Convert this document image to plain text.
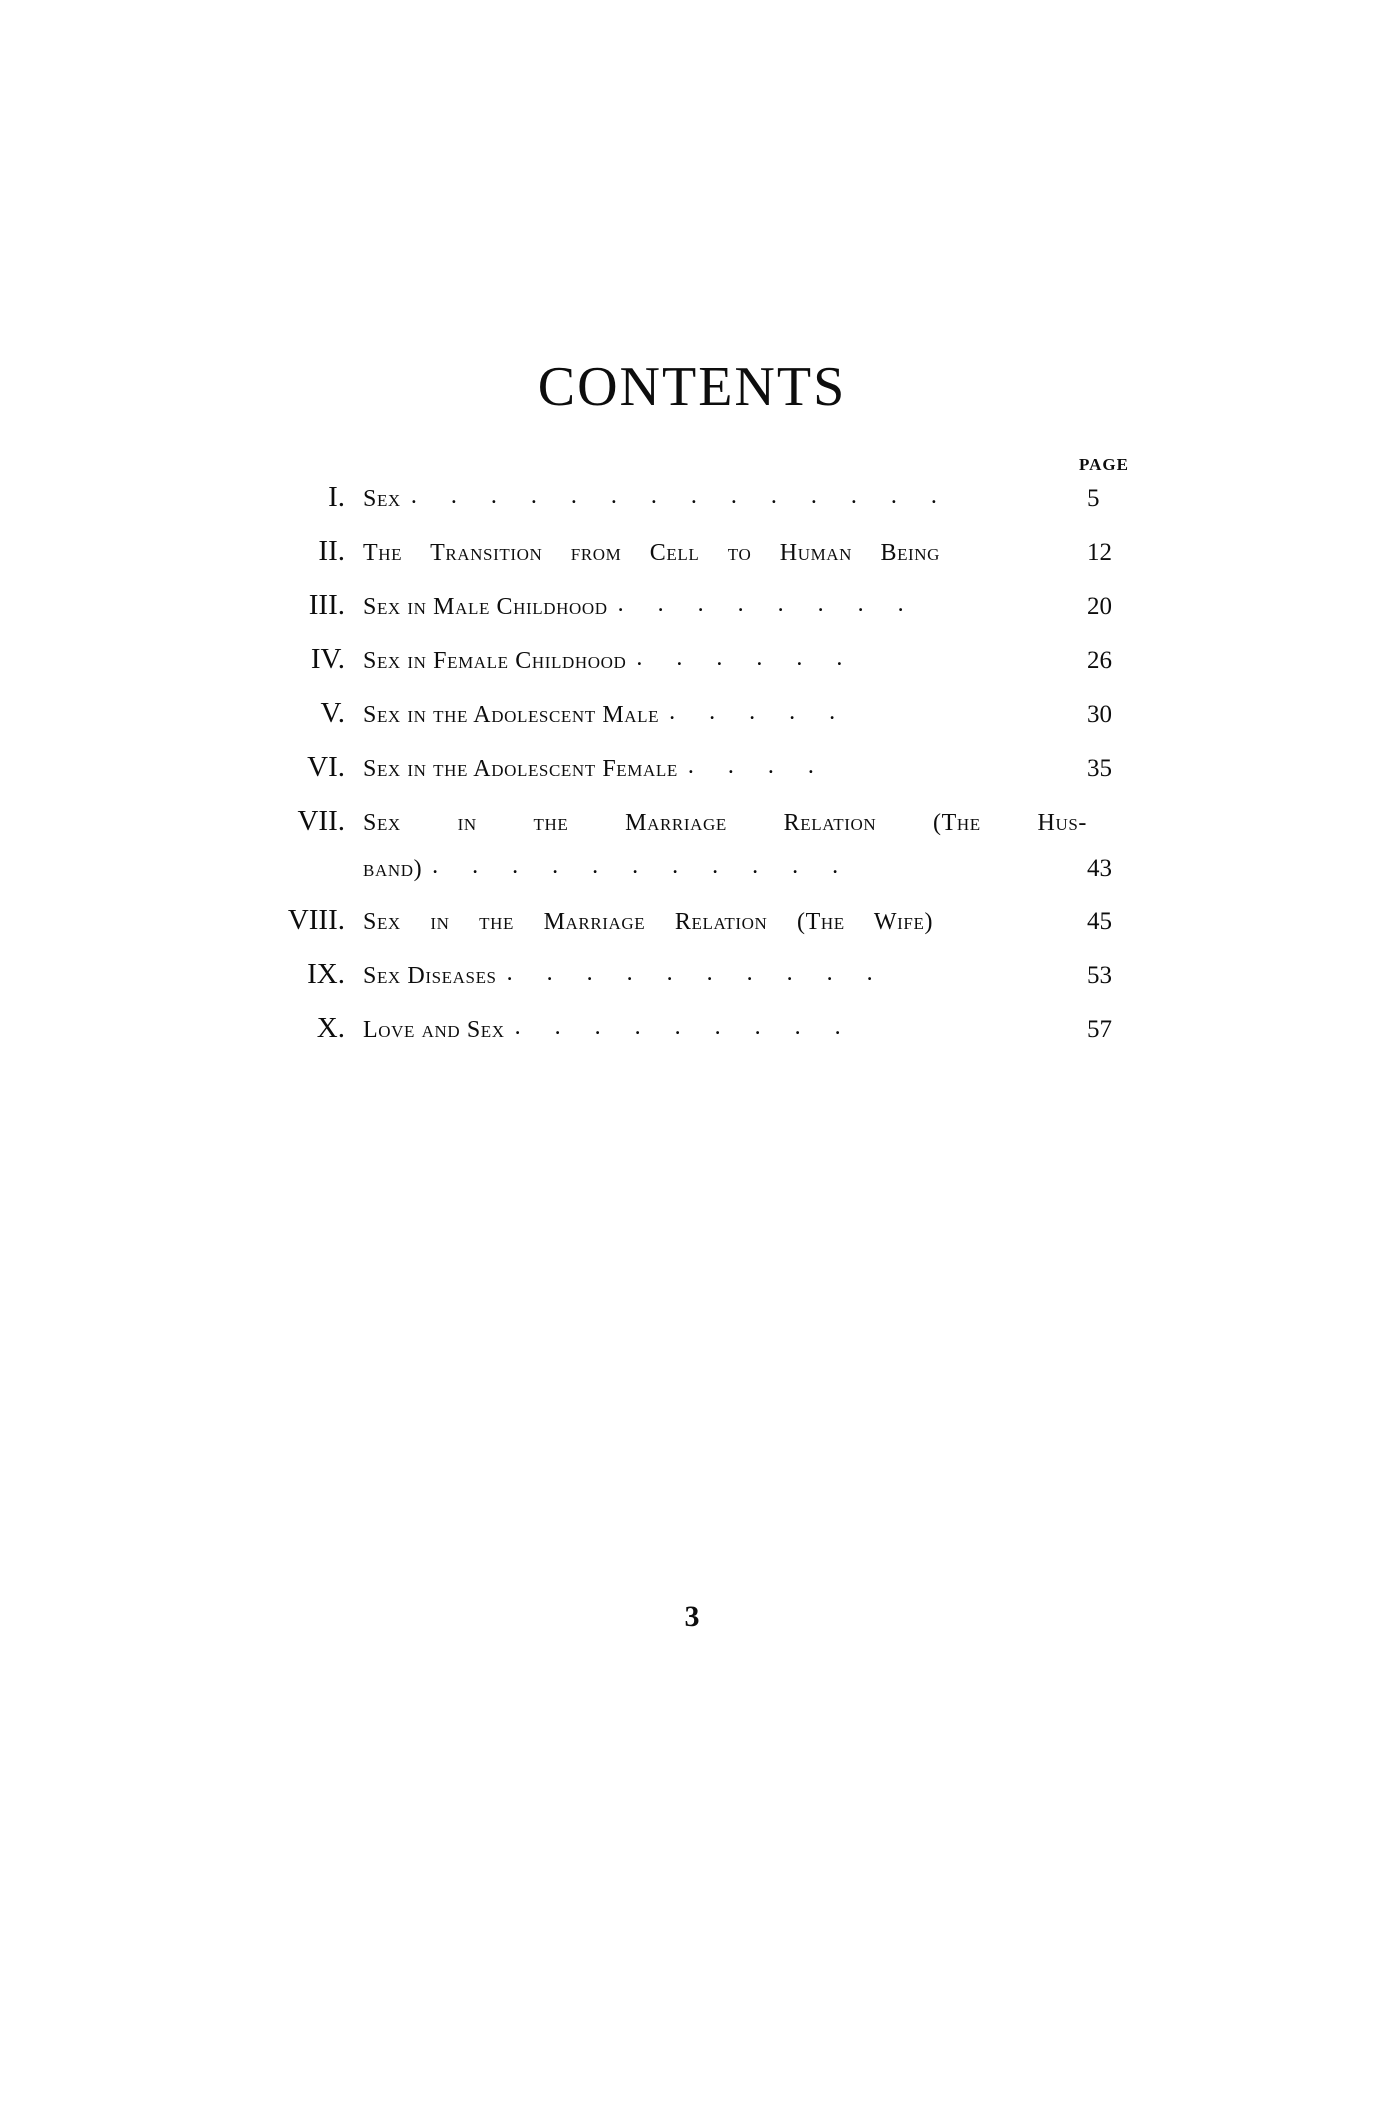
CONTENTS
PAGE
I. Sex . . . . . . . . . . . . . .	5
II. The Transition from Cell to Human Being	12
III. Sex in Male Childhood . . . . . . . .	20
IV. Sex in Female Childhood . . . . . .	26
V. Sex in the Adolescent Male . . . . .	30
VI. Sex in the Adolescent Female . . . .	35
VII. Sex in the Marriage Relation (The Hus-
band) . . . . . . . . . . .	43
VIII. Sex in the Marriage Relation (The Wife)	45
IX. Sex Diseases . . . . . . . . . .	53
X. Love and Sex . . . . . . . . .	57
3
